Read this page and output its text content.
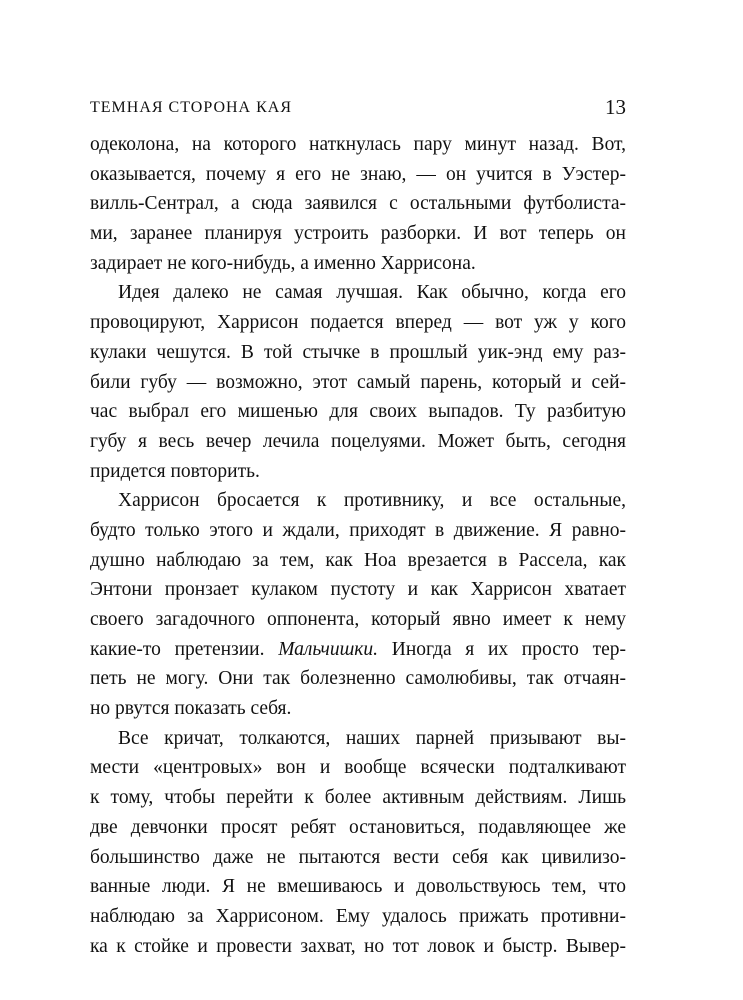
ТЕМНАЯ СТОРОНА КАЯ	13
одеколона, на которого наткнулась пару минут назад. Вот,
оказывается, почему я его не знаю, — он учится в Уэстер-
вилль-Сентрал, а сюда заявился с остальными футболиста-
ми, заранее планируя устроить разборки. И вот теперь он
задирает не кого-нибудь, а именно Харрисона.
Идея далеко не самая лучшая. Как обычно, когда его
провоцируют, Харрисон подается вперед — вот уж у кого
кулаки чешутся. В той стычке в прошлый уик-энд ему раз-
били губу — возможно, этот самый парень, который и сей-
час выбрал его мишенью для своих выпадов. Ту разбитую
губу я весь вечер лечила поцелуями. Может быть, сегодня
придется повторить.
Харрисон бросается к противнику, и все остальные,
будто только этого и ждали, приходят в движение. Я равно-
душно наблюдаю за тем, как Ноа врезается в Рассела, как
Энтони пронзает кулаком пустоту и как Харрисон хватает
своего загадочного оппонента, который явно имеет к нему
какие-то претензии. Мальчишки. Иногда я их просто тер-
петь не могу. Они так болезненно самолюбивы, так отчаян-
но рвутся показать себя.
Все кричат, толкаются, наших парней призывают вы-
мести «центровых» вон и вообще всячески подталкивают
к тому, чтобы перейти к более активным действиям. Лишь
две девчонки просят ребят остановиться, подавляющее же
большинство даже не пытаются вести себя как цивилизо-
ванные люди. Я не вмешиваюсь и довольствуюсь тем, что
наблюдаю за Харрисоном. Ему удалось прижать противни-
ка к стойке и провести захват, но тот ловок и быстр. Вывер-
